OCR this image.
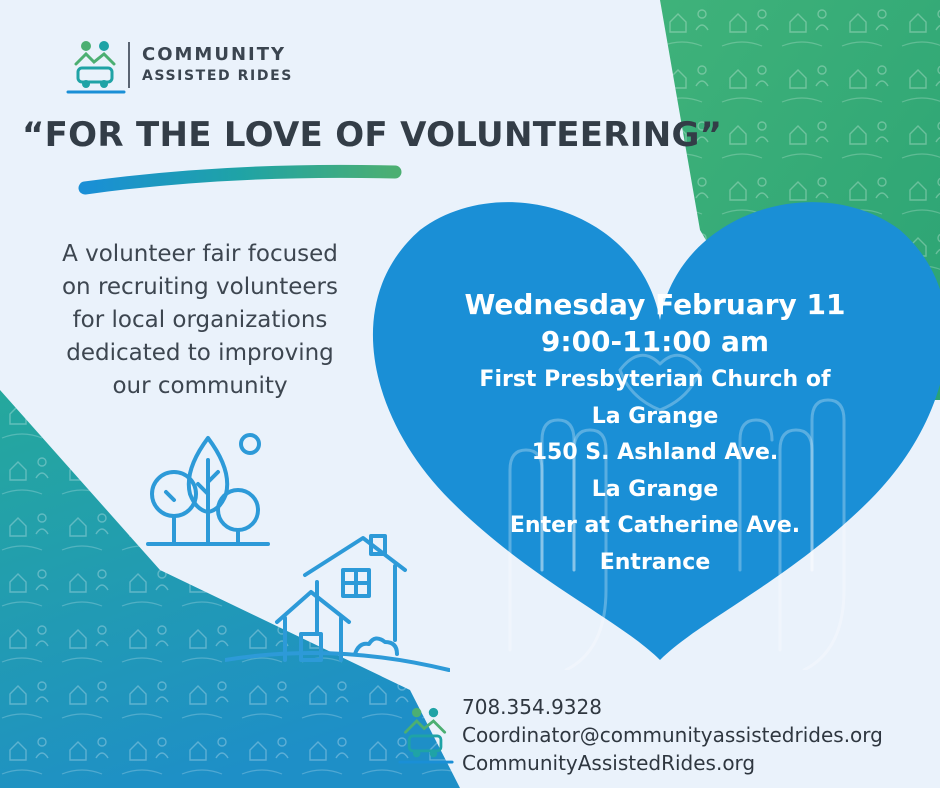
COMMUNITY
ASSISTED RIDES
“FOR THE LOVE OF VOLUNTEERING”
A volunteer fair focused
on recruiting volunteers
for local organizations
dedicated to improving
our community
Wednesday February 11
9:00-11:00 am
First Presbyterian Church of
La Grange
150 S. Ashland Ave.
La Grange
Enter at Catherine Ave.
Entrance
708.354.9328
Coordinator@communityassistedrides.org
CommunityAssistedRides.org
